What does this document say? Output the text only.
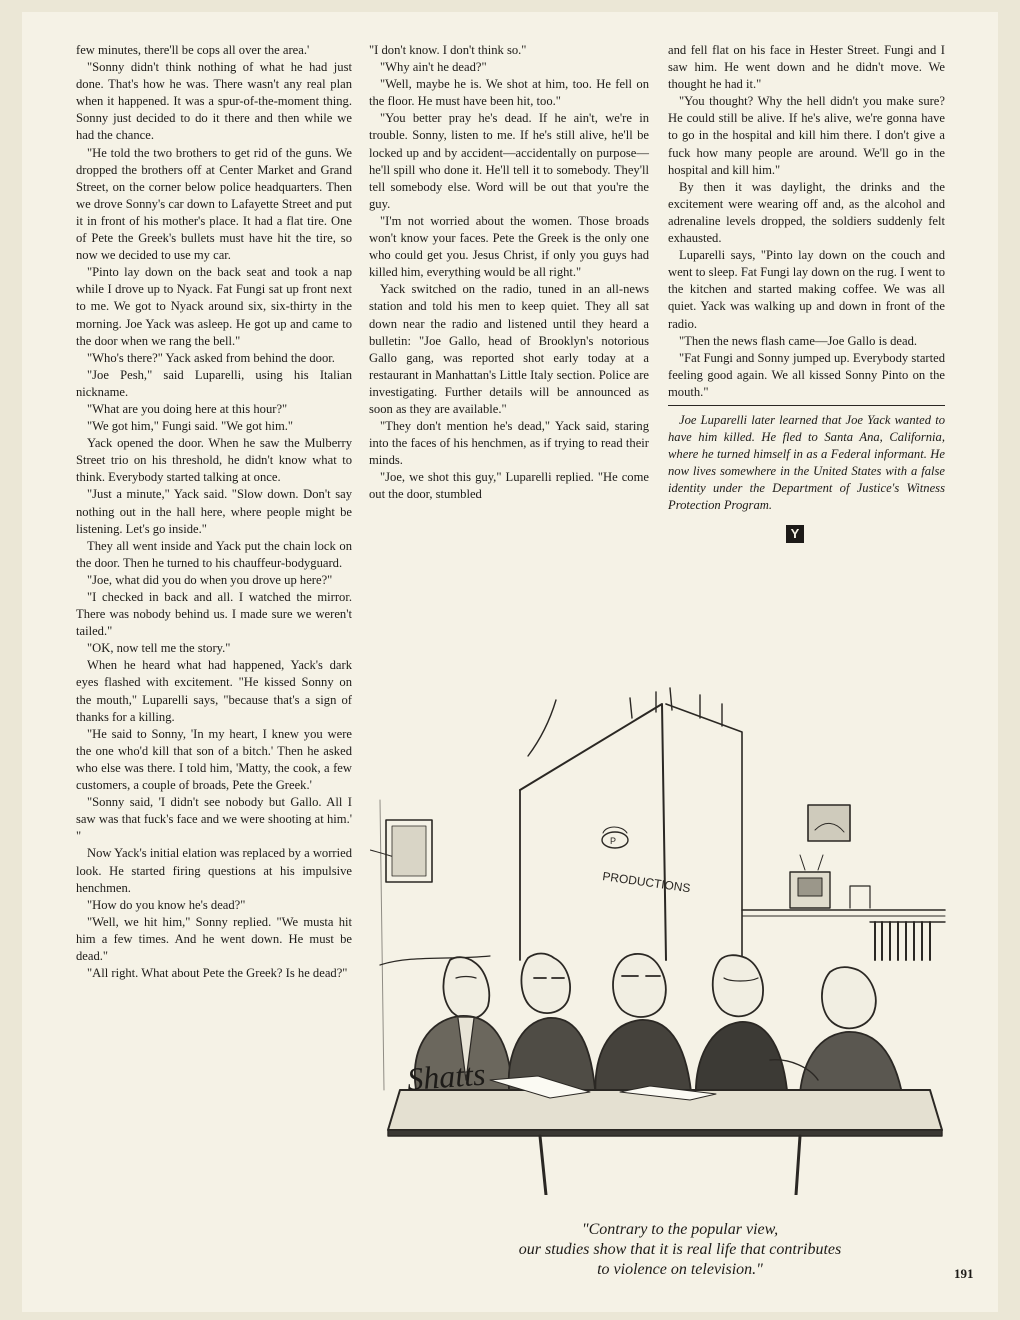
few minutes, there'll be cops all over the area.'

"Sonny didn't think nothing of what he had just done. That's how he was. There wasn't any real plan when it happened. It was a spur-of-the-moment thing. Sonny just decided to do it there and then while we had the chance.

"He told the two brothers to get rid of the guns. We dropped the brothers off at Center Market and Grand Street, on the corner below police headquarters. Then we drove Sonny's car down to Lafayette Street and put it in front of his mother's place. It had a flat tire. One of Pete the Greek's bullets must have hit the tire, so now we decided to use my car.

"Pinto lay down on the back seat and took a nap while I drove up to Nyack. Fat Fungi sat up front next to me. We got to Nyack around six, six-thirty in the morning. Joe Yack was asleep. He got up and came to the door when we rang the bell."

"Who's there?" Yack asked from behind the door.

"Joe Pesh," said Luparelli, using his Italian nickname.

"What are you doing here at this hour?"

"We got him," Fungi said. "We got him."

Yack opened the door. When he saw the Mulberry Street trio on his threshold, he didn't know what to think. Everybody started talking at once.

"Just a minute," Yack said. "Slow down. Don't say nothing out in the hall here, where people might be listening. Let's go inside."

They all went inside and Yack put the chain lock on the door. Then he turned to his chauffeur-bodyguard.

"Joe, what did you do when you drove up here?"

"I checked in back and all. I watched the mirror. There was nobody behind us. I made sure we weren't tailed."

"OK, now tell me the story."

When he heard what had happened, Yack's dark eyes flashed with excitement. "He kissed Sonny on the mouth," Luparelli says, "because that's a sign of thanks for a killing.

"He said to Sonny, 'In my heart, I knew you were the one who'd kill that son of a bitch.' Then he asked who else was there. I told him, 'Matty, the cook, a few customers, a couple of broads, Pete the Greek.'

"Sonny said, 'I didn't see nobody but Gallo. All I saw was that fuck's face and we were shooting at him.' "

Now Yack's initial elation was replaced by a worried look. He started firing questions at his impulsive henchmen.

"How do you know he's dead?"

"Well, we hit him," Sonny replied. "We musta hit him a few times. And he went down. He must be dead."

"All right. What about Pete the Greek? Is he dead?"

"I don't know. I don't think so."

"Why ain't he dead?"

"Well, maybe he is. We shot at him, too. He fell on the floor. He must have been hit, too."

"You better pray he's dead. If he ain't, we're in trouble. Sonny, listen to me. If he's still alive, he'll be locked up and by accident—accidentally on purpose—he'll spill who done it. He'll tell it to somebody. They'll tell somebody else. Word will be out that you're the guy.

"I'm not worried about the women. Those broads won't know your faces. Pete the Greek is the only one who could get you. Jesus Christ, if only you guys had killed him, everything would be all right."

Yack switched on the radio, tuned in an all-news station and told his men to keep quiet. They all sat down near the radio and listened until they heard a bulletin: "Joe Gallo, head of Brooklyn's notorious Gallo gang, was reported shot early today at a restaurant in Manhattan's Little Italy section. Police are investigating. Further details will be announced as soon as they are available."

"They don't mention he's dead," Yack said, staring into the faces of his henchmen, as if trying to read their minds.

"Joe, we shot this guy," Luparelli replied. "He come out the door, stumbled

and fell flat on his face in Hester Street. Fungi and I saw him. He went down and he didn't move. We thought he had it."

"You thought? Why the hell didn't you make sure? He could still be alive. If he's alive, we're gonna have to go in the hospital and kill him there. I don't give a fuck how many people are around. We'll go in the hospital and kill him."

By then it was daylight, the drinks and the excitement were wearing off and, as the alcohol and adrenaline levels dropped, the soldiers suddenly felt exhausted.

Luparelli says, "Pinto lay down on the couch and went to sleep. Fat Fungi lay down on the rug. I went to the kitchen and started making coffee. We was all quiet. Yack was walking up and down in front of the radio.

"Then the news flash came—Joe Gallo is dead.

"Fat Fungi and Sonny jumped up. Everybody started feeling good again. We all kissed Sonny Pinto on the mouth."

Joe Luparelli later learned that Joe Yack wanted to have him killed. He fled to Santa Ana, California, where he turned himself in as a Federal informant. He now lives somewhere in the United States with a false identity under the Department of Justice's Witness Protection Program.

Y
PRODUCTIONS
P
Shatts
"Contrary to the popular view,
our studies show that it is real life that contributes
to violence on television."	191
